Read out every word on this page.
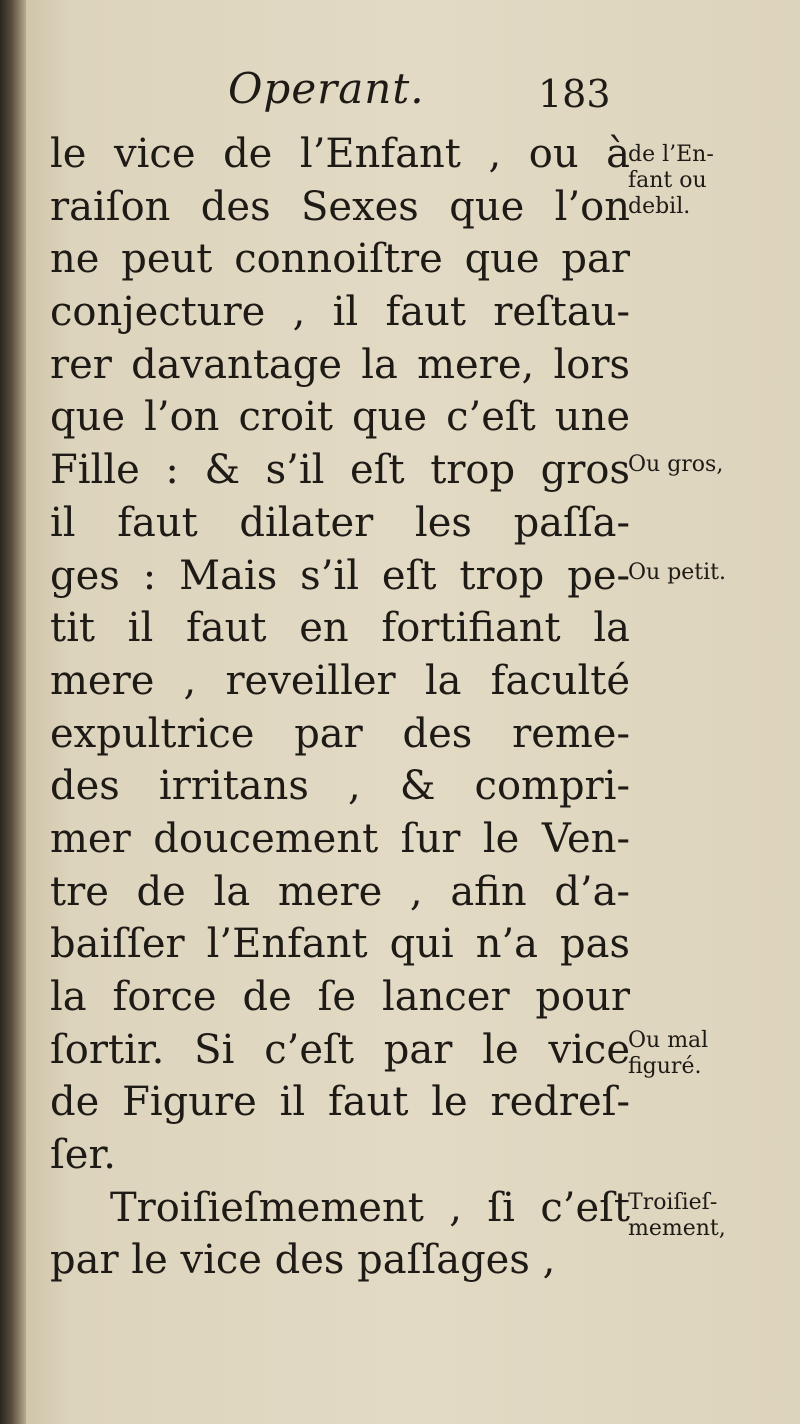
Operant.	183
le vice de l’Enfant , ou à
raiſon des Sexes que l’on
ne peut connoiſtre que par
conjecture , il faut reſtau-
rer davantage la mere, lors
que l’on croit que c’eſt une
Fille : & s’il eſt trop gros
il faut dilater les paſſa-
ges : Mais s’il eſt trop pe-
tit il faut en fortifiant la
mere , reveiller la faculté
expultrice par des reme-
des irritans , & compri-
mer doucement ſur le Ven-
tre de la mere , afin d’a-
baiſſer l’Enfant qui n’a pas
la force de ſe lancer pour
ſortir. Si c’eſt par le vice
de Figure il faut le redreſ-
ſer.
Troiſieſmement , ſi c’eſt
par le vice des paſſages ,
de l’En-
fant ou
debil.
Ou gros,
Ou petit.
Ou mal
figuré.
Troiſieſ-
mement,
